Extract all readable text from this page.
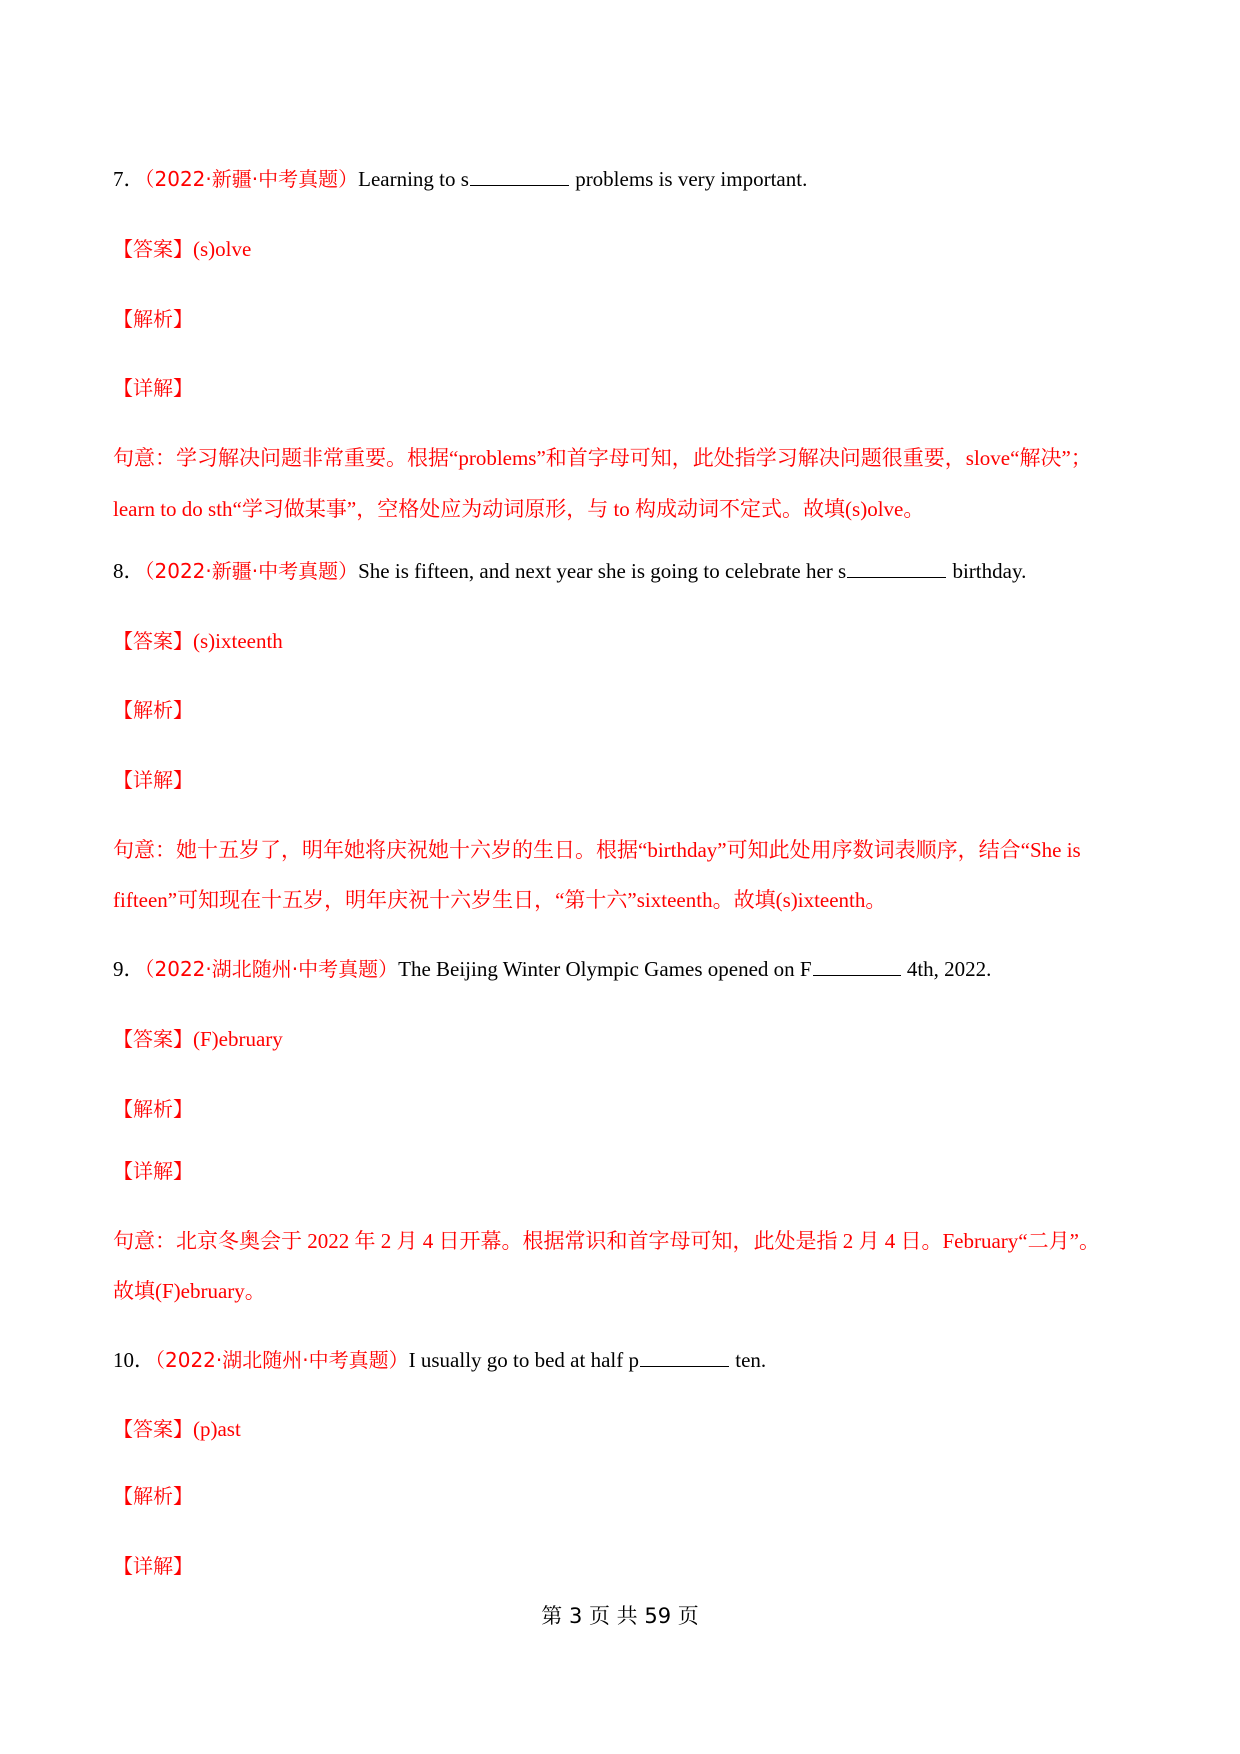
7．（2022·新疆·中考真题）Learning to s	problems is very important.
【答案】(s)olve
【解析】
【详解】
句意：学习解决问题非常重要。根据“problems”和首字母可知，此处指学习解决问题很重要，slove“解决”；
learn to do sth“学习做某事”，空格处应为动词原形，与 to 构成动词不定式。故填(s)olve。
8．（2022·新疆·中考真题）She is fifteen, and next year she is going to celebrate her s	birthday.
【答案】(s)ixteenth
【解析】
【详解】
句意：她十五岁了，明年她将庆祝她十六岁的生日。根据“birthday”可知此处用序数词表顺序，结合“She is
fifteen”可知现在十五岁，明年庆祝十六岁生日，“第十六”sixteenth。故填(s)ixteenth。
9．（2022·湖北随州·中考真题）The Beijing Winter Olympic Games opened on F	4th, 2022.
【答案】(F)ebruary
【解析】
【详解】
句意：北京冬奥会于 2022 年 2 月 4 日开幕。根据常识和首字母可知，此处是指 2 月 4 日。February“二月”。
故填(F)ebruary。
10．（2022·湖北随州·中考真题）I usually go to bed at half p	ten.
【答案】(p)ast
【解析】
【详解】
第 3 页 共 59 页
